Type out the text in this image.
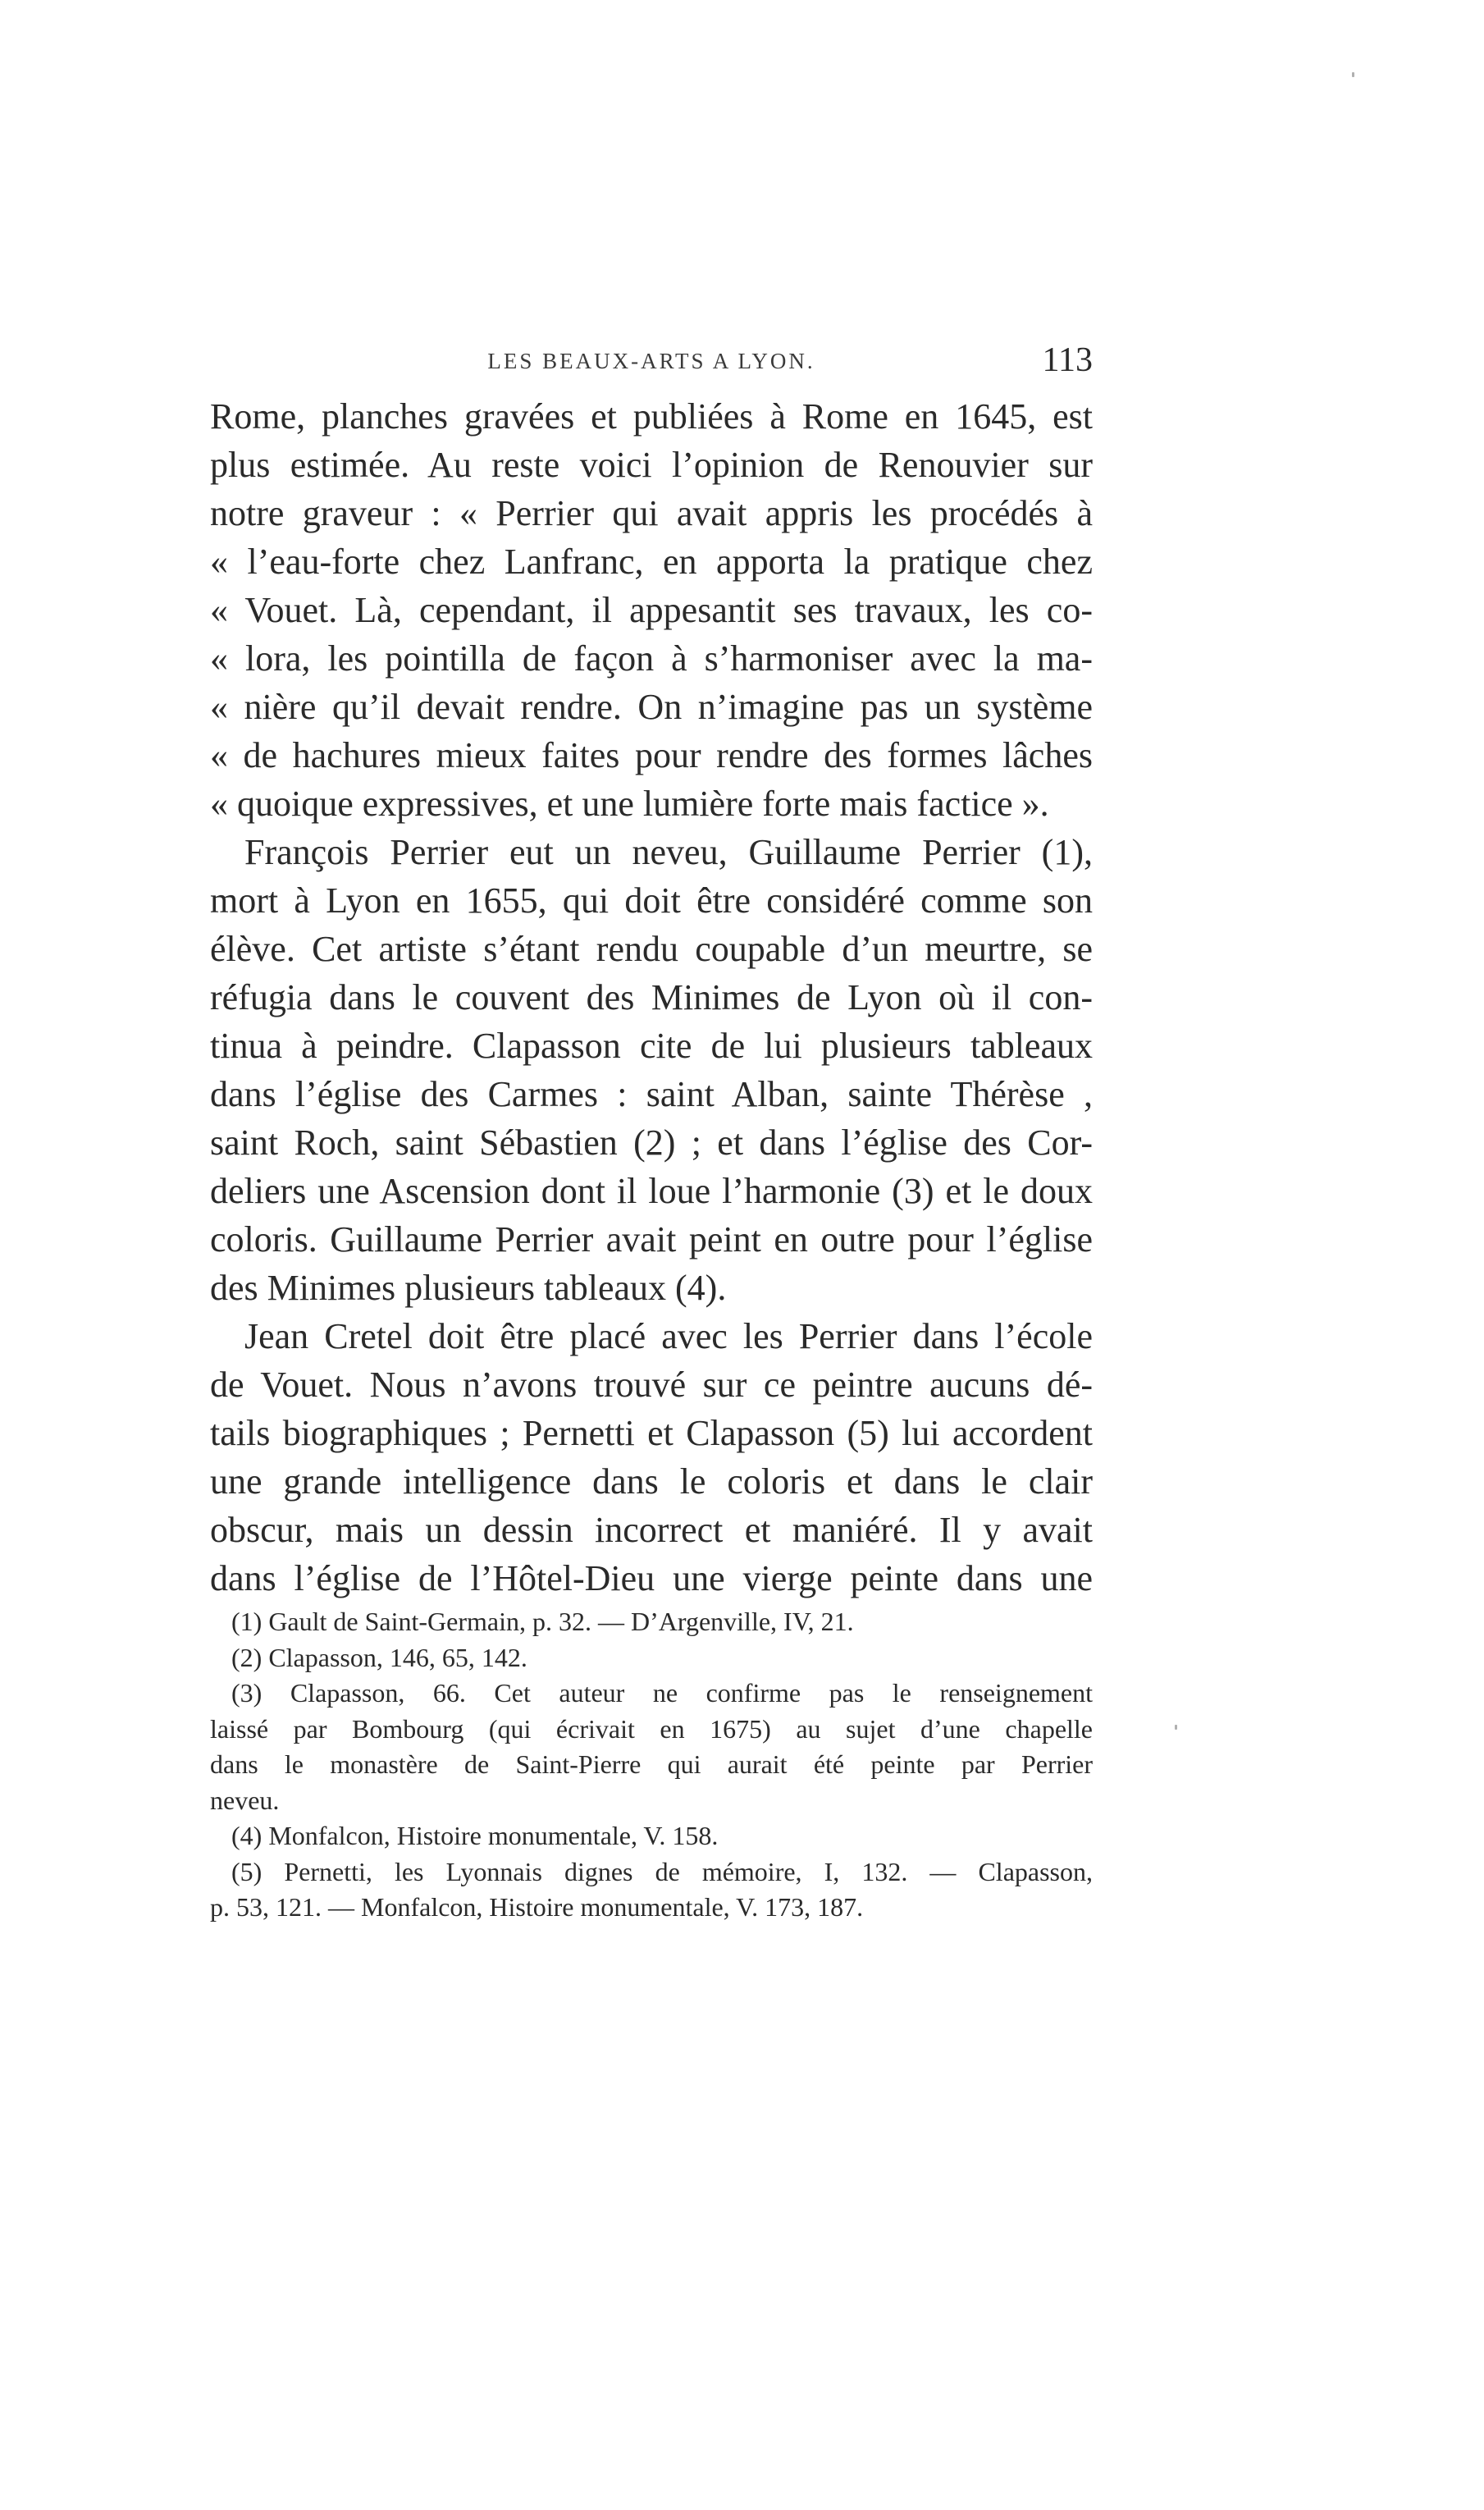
LES BEAUX-ARTS A LYON.	113
Rome, planches gravées et publiées à Rome en 1645, est
plus estimée. Au reste voici l’opinion de Renouvier sur
notre graveur : « Perrier qui avait appris les procédés à
« l’eau-forte chez Lanfranc, en apporta la pratique chez
« Vouet. Là, cependant, il appesantit ses travaux, les co-
« lora, les pointilla de façon à s’harmoniser avec la ma-
« nière qu’il devait rendre. On n’imagine pas un système
« de hachures mieux faites pour rendre des formes lâches
« quoique expressives, et une lumière forte mais factice ».
François Perrier eut un neveu, Guillaume Perrier (1),
mort à Lyon en 1655, qui doit être considéré comme son
élève. Cet artiste s’étant rendu coupable d’un meurtre, se
réfugia dans le couvent des Minimes de Lyon où il con-
tinua à peindre. Clapasson cite de lui plusieurs tableaux
dans l’église des Carmes : saint Alban, sainte Thérèse ,
saint Roch, saint Sébastien (2) ; et dans l’église des Cor-
deliers une Ascension dont il loue l’harmonie (3) et le doux
coloris. Guillaume Perrier avait peint en outre pour l’église
des Minimes plusieurs tableaux (4).
Jean Cretel doit être placé avec les Perrier dans l’école
de Vouet. Nous n’avons trouvé sur ce peintre aucuns dé-
tails biographiques ; Pernetti et Clapasson (5) lui accordent
une grande intelligence dans le coloris et dans le clair
obscur, mais un dessin incorrect et maniéré. Il y avait
dans l’église de l’Hôtel-Dieu une vierge peinte dans une
(1) Gault de Saint-Germain, p. 32. — D’Argenville, IV, 21.
(2) Clapasson, 146, 65, 142.
(3) Clapasson, 66. Cet auteur ne confirme pas le renseignement
laissé par Bombourg (qui écrivait en 1675) au sujet d’une chapelle
dans le monastère de Saint-Pierre qui aurait été peinte par Perrier
neveu.
(4) Monfalcon, Histoire monumentale, V. 158.
(5) Pernetti, les Lyonnais dignes de mémoire, I, 132. — Clapasson,
p. 53, 121. — Monfalcon, Histoire monumentale, V. 173, 187.
